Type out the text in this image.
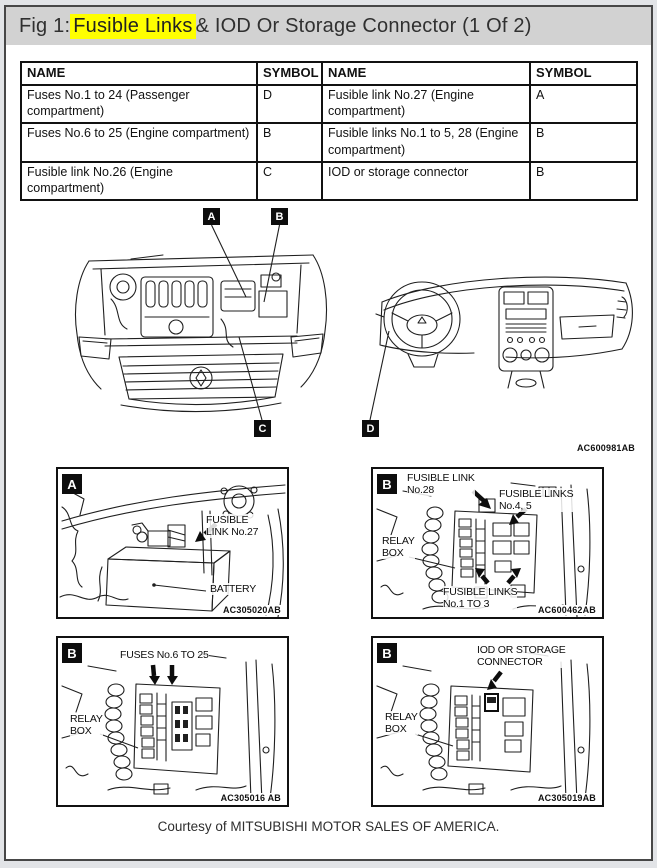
Fig 1: Fusible Links & IOD Or Storage Connector (1 Of 2)
NAME	SYMBOL	NAME	SYMBOL
Fuses No.1 to 24 (Passenger compartment)	D	Fusible link No.27 (Engine compartment)	A
Fuses No.6 to 25 (Engine compartment)	B	Fusible links No.1 to 5, 28 (Engine compartment)	B
Fusible link No.26 (Engine compartment)	C	IOD or storage connector	B
A	B
C	D
AC600981AB
A
FUSIBLE
LINK No.27
BATTERY
AC305020AB
B	FUSIBLE LINK
No.28	FUSIBLE LINKS
No.4, 5
RELAY
BOX
FUSIBLE LINKS
No.1 TO 3	AC600462AB
B	FUSES No.6 TO 25
RELAY
BOX
AC305016 AB
B	IOD OR STORAGE
CONNECTOR
RELAY
BOX
AC305019AB
Courtesy of MITSUBISHI MOTOR SALES OF AMERICA.
